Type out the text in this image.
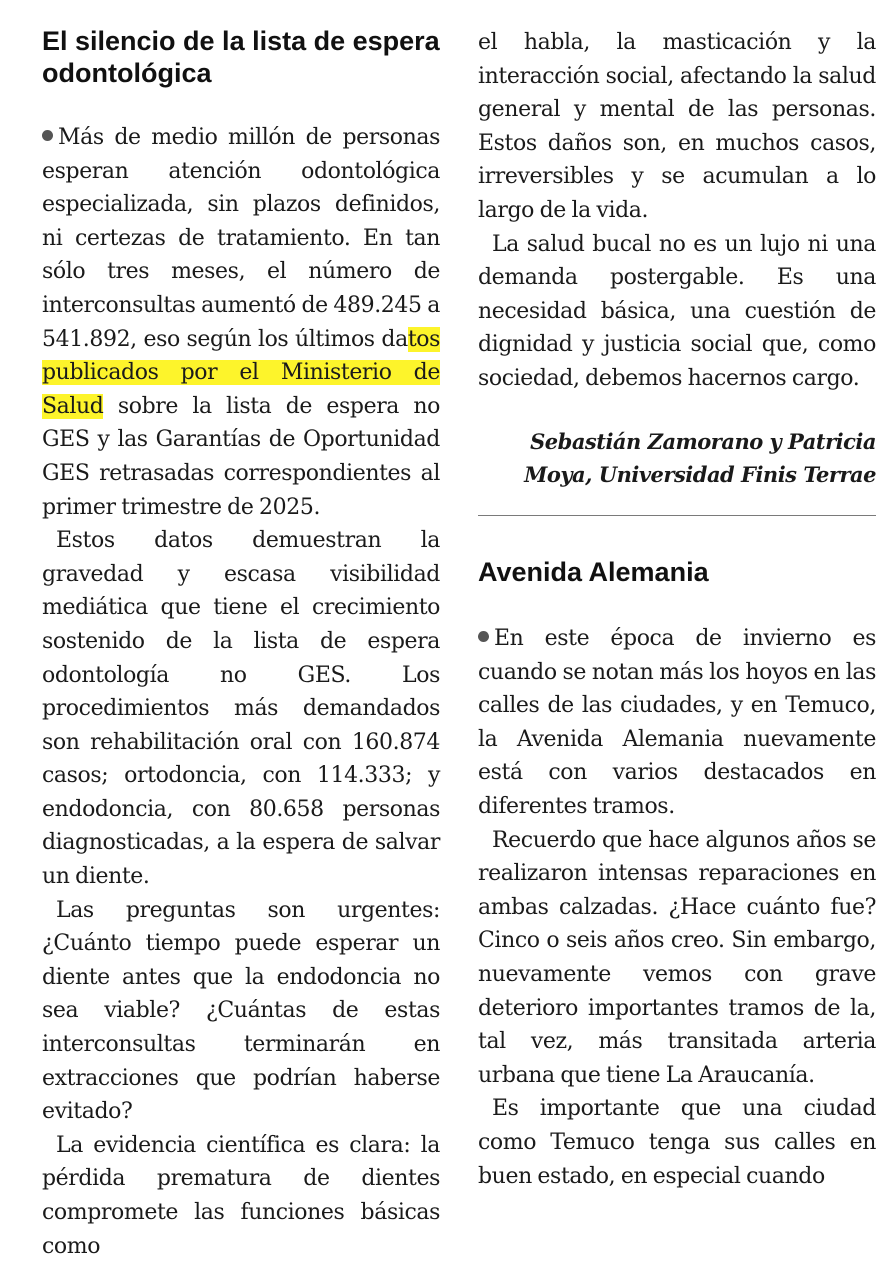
El silencio de la lista de espera odontológica

Más de medio millón de personas esperan atención odontológica especializada, sin plazos definidos, ni certezas de tratamiento. En tan sólo tres meses, el número de interconsultas aumentó de 489.245 a 541.892, eso según los últimos datos publicados por el Ministerio de Salud sobre la lista de espera no GES y las Garantías de Oportunidad GES retrasadas correspondientes al primer trimestre de 2025.

Estos datos demuestran la gravedad y escasa visibilidad mediática que tiene el crecimiento sostenido de la lista de espera odontología no GES. Los procedimientos más demandados son rehabilitación oral con 160.874 casos; ortodoncia, con 114.333; y endodoncia, con 80.658 personas diagnosticadas, a la espera de salvar un diente.

Las preguntas son urgentes: ¿Cuánto tiempo puede esperar un diente antes que la endodoncia no sea viable? ¿Cuántas de estas interconsultas terminarán en extracciones que podrían haberse evitado?

La evidencia científica es clara: la pérdida prematura de dientes compromete las funciones básicas como

el habla, la masticación y la interacción social, afectando la salud general y mental de las personas. Estos daños son, en muchos casos, irreversibles y se acumulan a lo largo de la vida.

La salud bucal no es un lujo ni una demanda postergable. Es una necesidad básica, una cuestión de dignidad y justicia social que, como sociedad, debemos hacernos cargo.

Sebastián Zamorano y Patricia
Moya, Universidad Finis Terrae
Avenida Alemania

En este época de invierno es cuando se notan más los hoyos en las calles de las ciudades, y en Temuco, la Avenida Alemania nuevamente está con varios destacados en diferentes tramos.

Recuerdo que hace algunos años se realizaron intensas reparaciones en ambas calzadas. ¿Hace cuánto fue? Cinco o seis años creo. Sin embargo, nuevamente vemos con grave deterioro importantes tramos de la, tal vez, más transitada arteria urbana que tiene La Araucanía.

Es importante que una ciudad como Temuco tenga sus calles en buen estado, en especial cuando
